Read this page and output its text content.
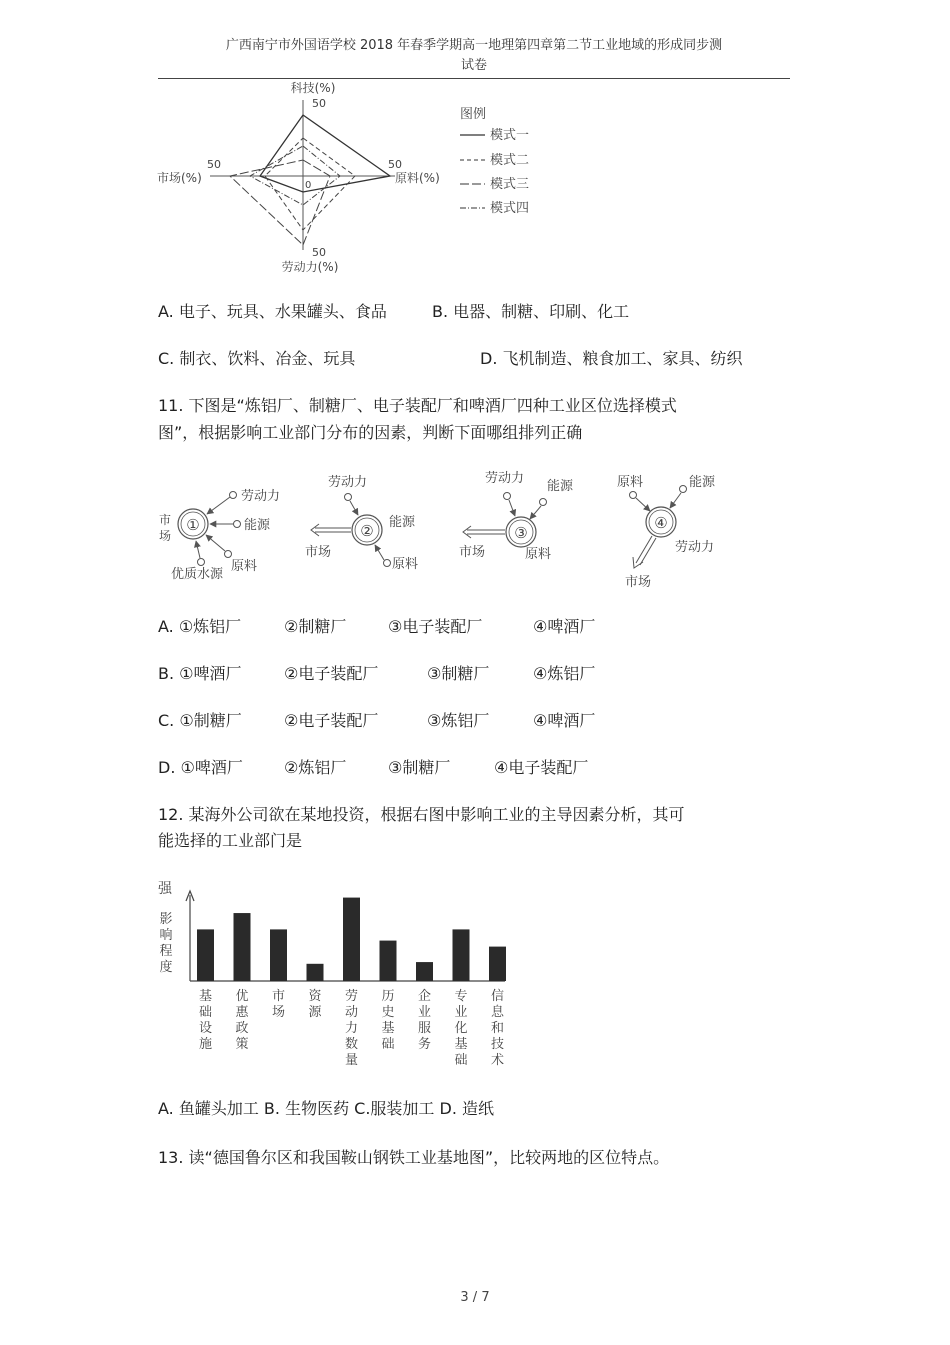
广西南宁市外国语学校 2018 年春季学期高一地理第四章第二节工业地域的形成同步测
试卷
科技(%)
50
市场(%)
50
原料(%)
50
劳动力(%)
50
0
图例
模式一
模式二
模式三
模式四
A. 电子、玩具、水果罐头、食品	B. 电器、制糖、印刷、化工
C. 制衣、饮料、冶金、玩具	D. 飞机制造、粮食加工、家具、纺织
11. 下图是“炼铝厂、制糖厂、电子装配厂和啤酒厂四种工业区位选择模式
图”，根据影响工业部门分布的因素，判断下面哪组排列正确
①
市
场
劳动力
能源
优质水源
原料
②
劳动力
能源
市场
原料
③
劳动力
能源
市场	原料
④
原料	能源
劳动力
市场
A. ①炼铝厂	②制糖厂	③电子装配厂	④啤酒厂
B. ①啤酒厂	②电子装配厂	③制糖厂	④炼铝厂
C. ①制糖厂	②电子装配厂	③炼铝厂	④啤酒厂
D. ①啤酒厂	②炼铝厂	③制糖厂	④电子装配厂
12. 某海外公司欲在某地投资，根据右图中影响工业的主导因素分析，其可
能选择的工业部门是
强
影响程度
基础设施
优惠政策
市场
资源
劳动力数量
历史基础
企业服务
专业化基础
信息和技术
A. 鱼罐头加工 B. 生物医药 C.服装加工 D. 造纸
13. 读“德国鲁尔区和我国鞍山钢铁工业基地图”，比较两地的区位特点。
3 / 7
